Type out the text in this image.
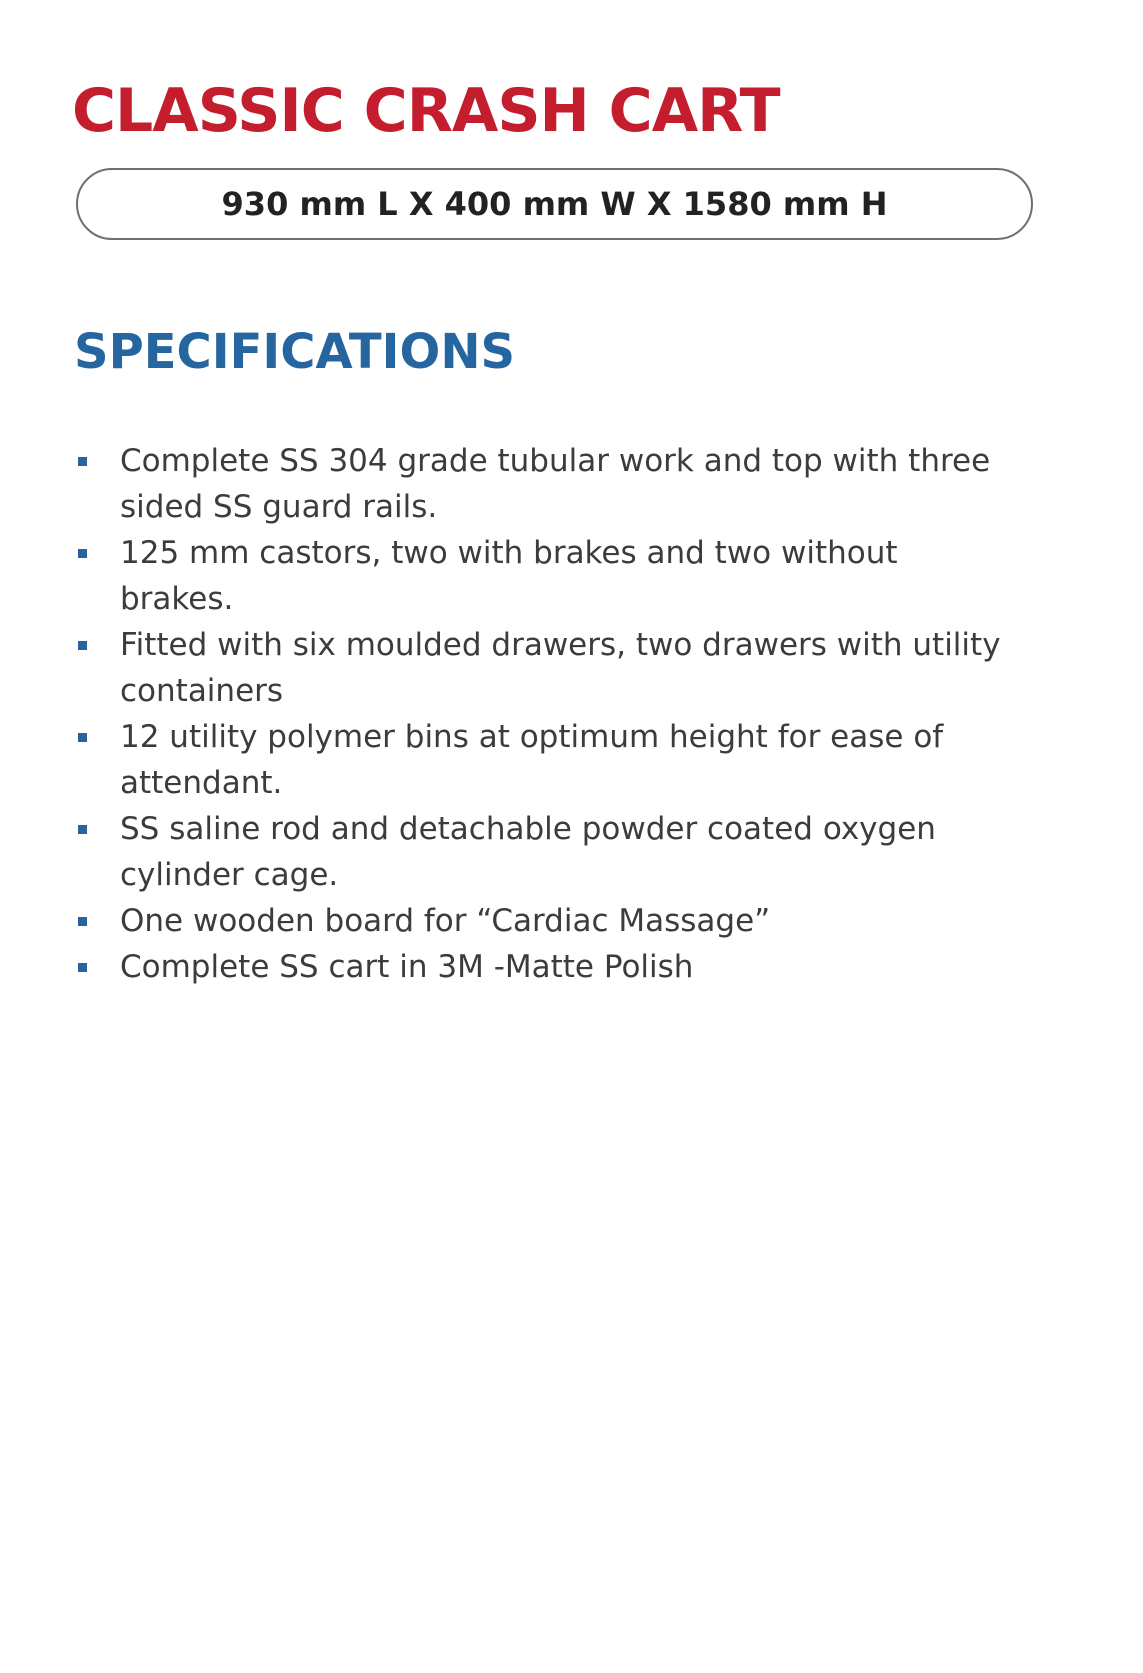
CLASSIC CRASH CART
930 mm L X 400 mm W X 1580 mm H
SPECIFICATIONS
Complete SS 304 grade tubular work and top with three sided SS guard rails.
125 mm castors, two with brakes and two without brakes.
Fitted with six moulded drawers, two drawers with utility containers
12 utility polymer bins at optimum height for ease of attendant.
SS saline rod and detachable powder coated oxygen cylinder cage.
One wooden board for “Cardiac Massage”
Complete SS cart in 3M -Matte Polish
